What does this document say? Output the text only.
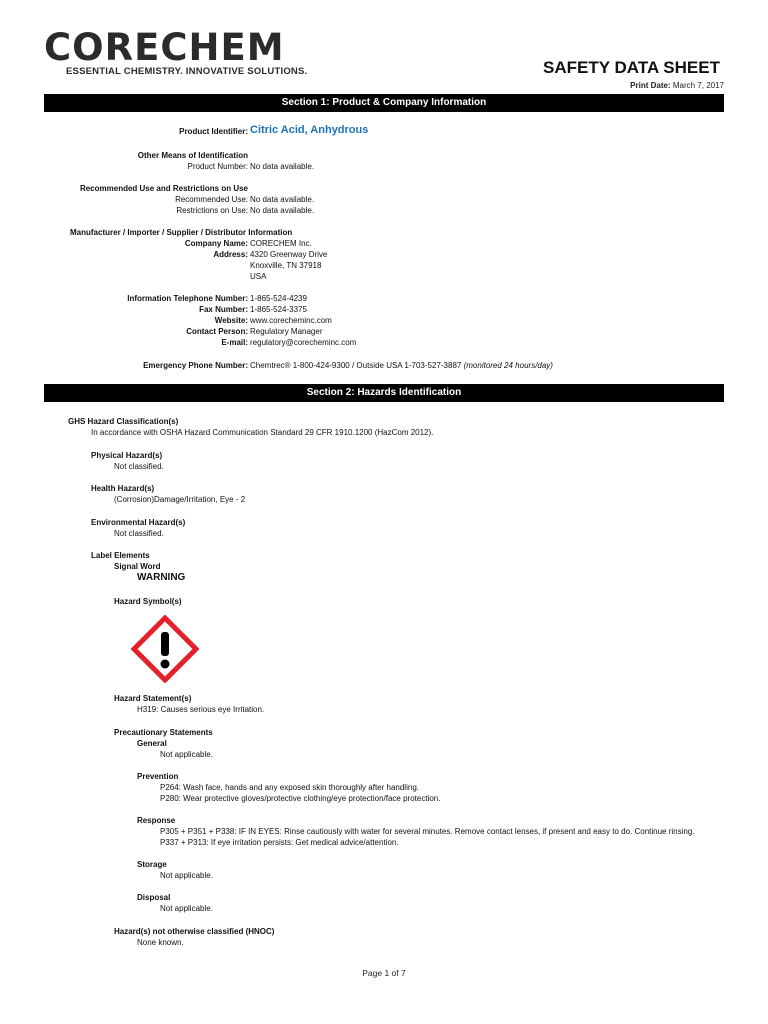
CORECHEM
ESSENTIAL CHEMISTRY. INNOVATIVE SOLUTIONS.	SAFETY DATA SHEET
Print Date: March 7, 2017
Section 1: Product & Company Information
Product Identifier: Citric Acid, Anhydrous
Other Means of Identification
Product Number: No data available.
Recommended Use and Restrictions on Use
Recommended Use: No data available.
Restrictions on Use: No data available.
Manufacturer / Importer / Supplier / Distributor Information
Company Name: CORECHEM Inc.
Address: 4320 Greenway Drive
Knoxville, TN 37918
USA
Information Telephone Number: 1-865-524-4239
Fax Number: 1-865-524-3375
Website: www.corecheminc.com
Contact Person: Regulatory Manager
E-mail: regulatory@corecheminc.com
Emergency Phone Number: Chemtrec® 1-800-424-9300 / Outside USA 1-703-527-3887 (monitored 24 hours/day)
Section 2: Hazards Identification
GHS Hazard Classification(s)
In accordance with OSHA Hazard Communication Standard 29 CFR 1910.1200 (HazCom 2012).
Physical Hazard(s)
Not classified.
Health Hazard(s)
(Corrosion)Damage/Irritation, Eye - 2
Environmental Hazard(s)
Not classified.
Label Elements
Signal Word
WARNING
Hazard Symbol(s)
Hazard Statement(s)
H319: Causes serious eye Irritation.
Precautionary Statements
General
Not applicable.
Prevention
P264: Wash face, hands and any exposed skin thoroughly after handling.
P280: Wear protective gloves/protective clothing/eye protection/face protection.
Response
P305 + P351 + P338: IF IN EYES: Rinse cautiously with water for several minutes. Remove contact lenses, if present and easy to do. Continue rinsing.
P337 + P313: If eye irritation persists: Get medical advice/attention.
Storage
Not applicable.
Disposal
Not applicable.
Hazard(s) not otherwise classified (HNOC)
None known.
Page 1 of 7
